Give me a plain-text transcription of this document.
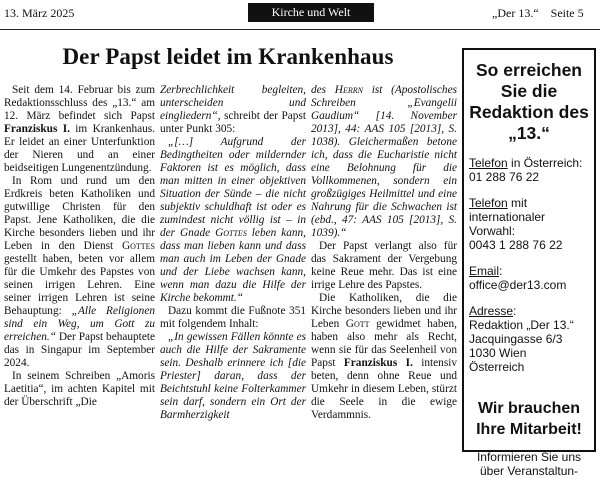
13. März 2025	Kirche und Welt	„Der 13.“ Seite 5
Der Papst leidet im Krankenhaus

Seit dem 14. Februar bis zum Redaktionsschluss des „13.“ am 12. März befindet sich Papst Franziskus I. im Krankenhaus. Er leidet an einer Unterfunktion der Nieren und an einer beidseitigen Lungenentzündung.

In Rom und rund um den Erdkreis beten Katholiken und gutwillige Christen für den Papst. Jene Katholiken, die die Kirche besonders lieben und ihr Leben in den Dienst Gottes gestellt haben, beten vor allem für die Umkehr des Papstes von seinen irrigen Lehren. Eine seiner irrigen Lehren ist seine Behauptung: „Alle Religionen sind ein Weg, um Gott zu erreichen.“ Der Papst behauptete das in Singapur im September 2024.

In seinem Schreiben „Amoris Laetitia“, im achten Kapitel mit der Überschrift „Die

Zerbrechlichkeit begleiten, unterscheiden und eingliedern“, schreibt der Papst unter Punkt 305:

„[…] Aufgrund der Bedingtheiten oder mildernder Faktoren ist es möglich, dass man mitten in einer objektiven Situation der Sünde – die nicht subjektiv schuldhaft ist oder es zumindest nicht völlig ist – in der Gnade Gottes leben kann, dass man lieben kann und dass man auch im Leben der Gnade und der Liebe wachsen kann, wenn man dazu die Hilfe der Kirche bekommt.“

Dazu kommt die Fußnote 351 mit folgendem Inhalt:

„In gewissen Fällen könnte es auch die Hilfe der Sakramente sein. Deshalb erinnere ich [die Priester] daran, dass der Beichtstuhl keine Folterkammer sein darf, sondern ein Ort der Barmherzigkeit

des Herrn ist (Apostolisches Schreiben „Evangelii Gaudium“ [14. November 2013], 44: AAS 105 [2013], S. 1038). Gleichermaßen betone ich, dass die Eucharistie nicht eine Belohnung für die Vollkommenen, sondern ein großzügiges Heilmittel und eine Nahrung für die Schwachen ist (ebd., 47: AAS 105 [2013], S. 1039).“

Der Papst verlangt also für das Sakrament der Vergebung keine Reue mehr. Das ist eine irrige Lehre des Papstes.

Die Katholiken, die die Kirche besonders lieben und ihr Leben Gott gewidmet haben, haben also mehr als Recht, wenn sie für das Seelenheil von Papst Franziskus I. intensiv beten, denn ohne Reue und Umkehr in diesem Leben, stürzt die Seele in die ewige Verdammnis.

So erreichen Sie die Redaktion des „13.“
Telefon in Österreich:
01 288 76 22
Telefon mit internationaler Vorwahl:
0043 1 288 76 22
Email:
office@der13.com
Adresse:
Redaktion „Der 13.“
Jacquingasse 6/3
1030 Wien
Österreich
Wir brauchen Ihre Mitarbeit!
Informieren Sie uns über Veranstaltun-
